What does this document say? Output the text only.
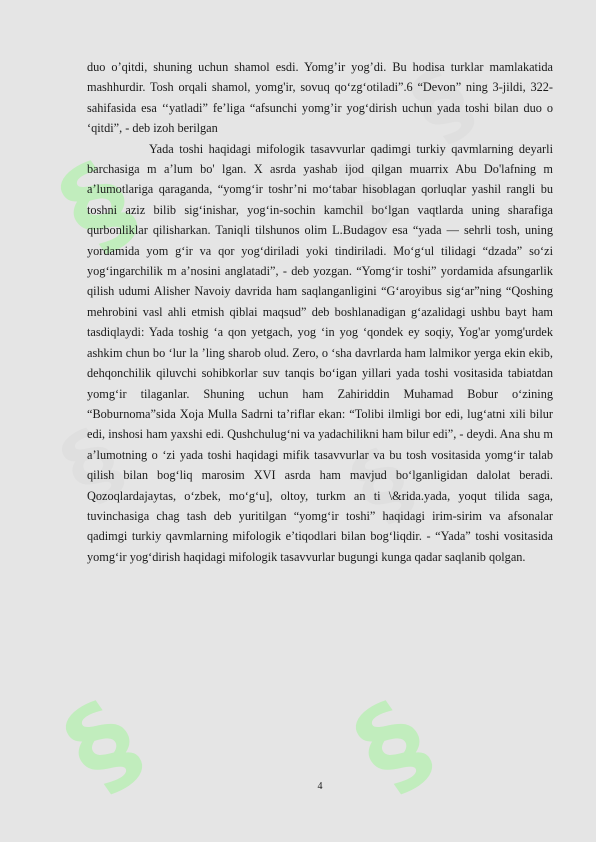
§ §
§ §
§ §
§

duo o’qitdi, shuning uchun shamol esdi. Yomg’ir yog’di. Bu hodisa turklar mamlakatida mashhurdir. Tosh orqali shamol, yomg'ir, sovuq qo‘zg‘otiladi”.6 “Devon” ning 3-jildi, 322-sahifasida esa ‘‘yatladi” fe’liga “afsunchi yomg’ir yog‘dirish uchun yada toshi bilan duo o ‘qitdi”, - deb izoh berilgan

Yada toshi haqidagi mifologik tasavvurlar qadimgi turkiy qavmlarning deyarli barchasiga m a’lum bo' lgan. X asrda yashab ijod qilgan muarrix Abu Do'lafning m a’lumotlariga qaraganda, “yomg‘ir toshr’ni mo‘tabar hisoblagan qorluqlar yashil rangli bu toshni aziz bilib sig‘inishar, yog‘in-sochin kamchil bo‘lgan vaqtlarda uning sharafiga qurbonliklar qilisharkan. Taniqli tilshunos olim L.Budagov esa “yada — sehrli tosh, uning yordamida yom g‘ir va qor yog‘diriladi yoki tindiriladi. Mo‘g‘ul tilidagi “dzada” so‘zi yog‘ingarchilik m a’nosini anglatadi”, - deb yozgan. “Yomg‘ir toshi” yordamida afsungarlik qilish udumi Alisher Navoiy davrida ham saqlanganligini “G‘aroyibus sig‘ar”ning “Qoshing mehrobini vasl ahli etmish qiblai maqsud” deb boshlanadigan g‘azalidagi ushbu bayt ham tasdiqlaydi: Yada toshig ‘a qon yetgach, yog ‘in yog ‘qondek ey soqiy, Yog'ar yomg'urdek ashkim chun bo ‘lur la ’ling sharob olud. Zero, o ‘sha davrlarda ham lalmikor yerga ekin ekib, dehqonchilik qiluvchi sohibkorlar suv tanqis bo‘igan yillari yada toshi vositasida tabiatdan yomg‘ir tilaganlar. Shuning uchun ham Zahiriddin Muhamad Bobur o‘zining “Boburnoma”sida Xoja Mulla Sadrni ta’riflar ekan: “Tolibi ilmligi bor edi, lug‘atni xili bilur edi, inshosi ham yaxshi edi. Qushchulug‘ni va yadachilikni ham bilur edi”, - deydi. Ana shu m a’lumotning o ‘zi yada toshi haqidagi mifik tasavvurlar va bu tosh vositasida yomg‘ir talab qilish bilan bog‘liq marosim XVI asrda ham mavjud bo‘lganligidan dalolat beradi. Qozoqlardajaytas, o‘zbek, mo‘g‘u], oltoy, turkm an ti \&rida.yada, yoqut tilida saga, tuvinchasiga chag tash deb yuritilgan “yomg‘ir toshi” haqidagi irim-sirim va afsonalar qadimgi turkiy qavmlarning mifologik e’tiqodlari bilan bog‘liqdir. - “Yada” toshi vositasida yomg‘ir yog‘dirish haqidagi mifologik tasavvurlar bugungi kunga qadar saqlanib qolgan.

4
